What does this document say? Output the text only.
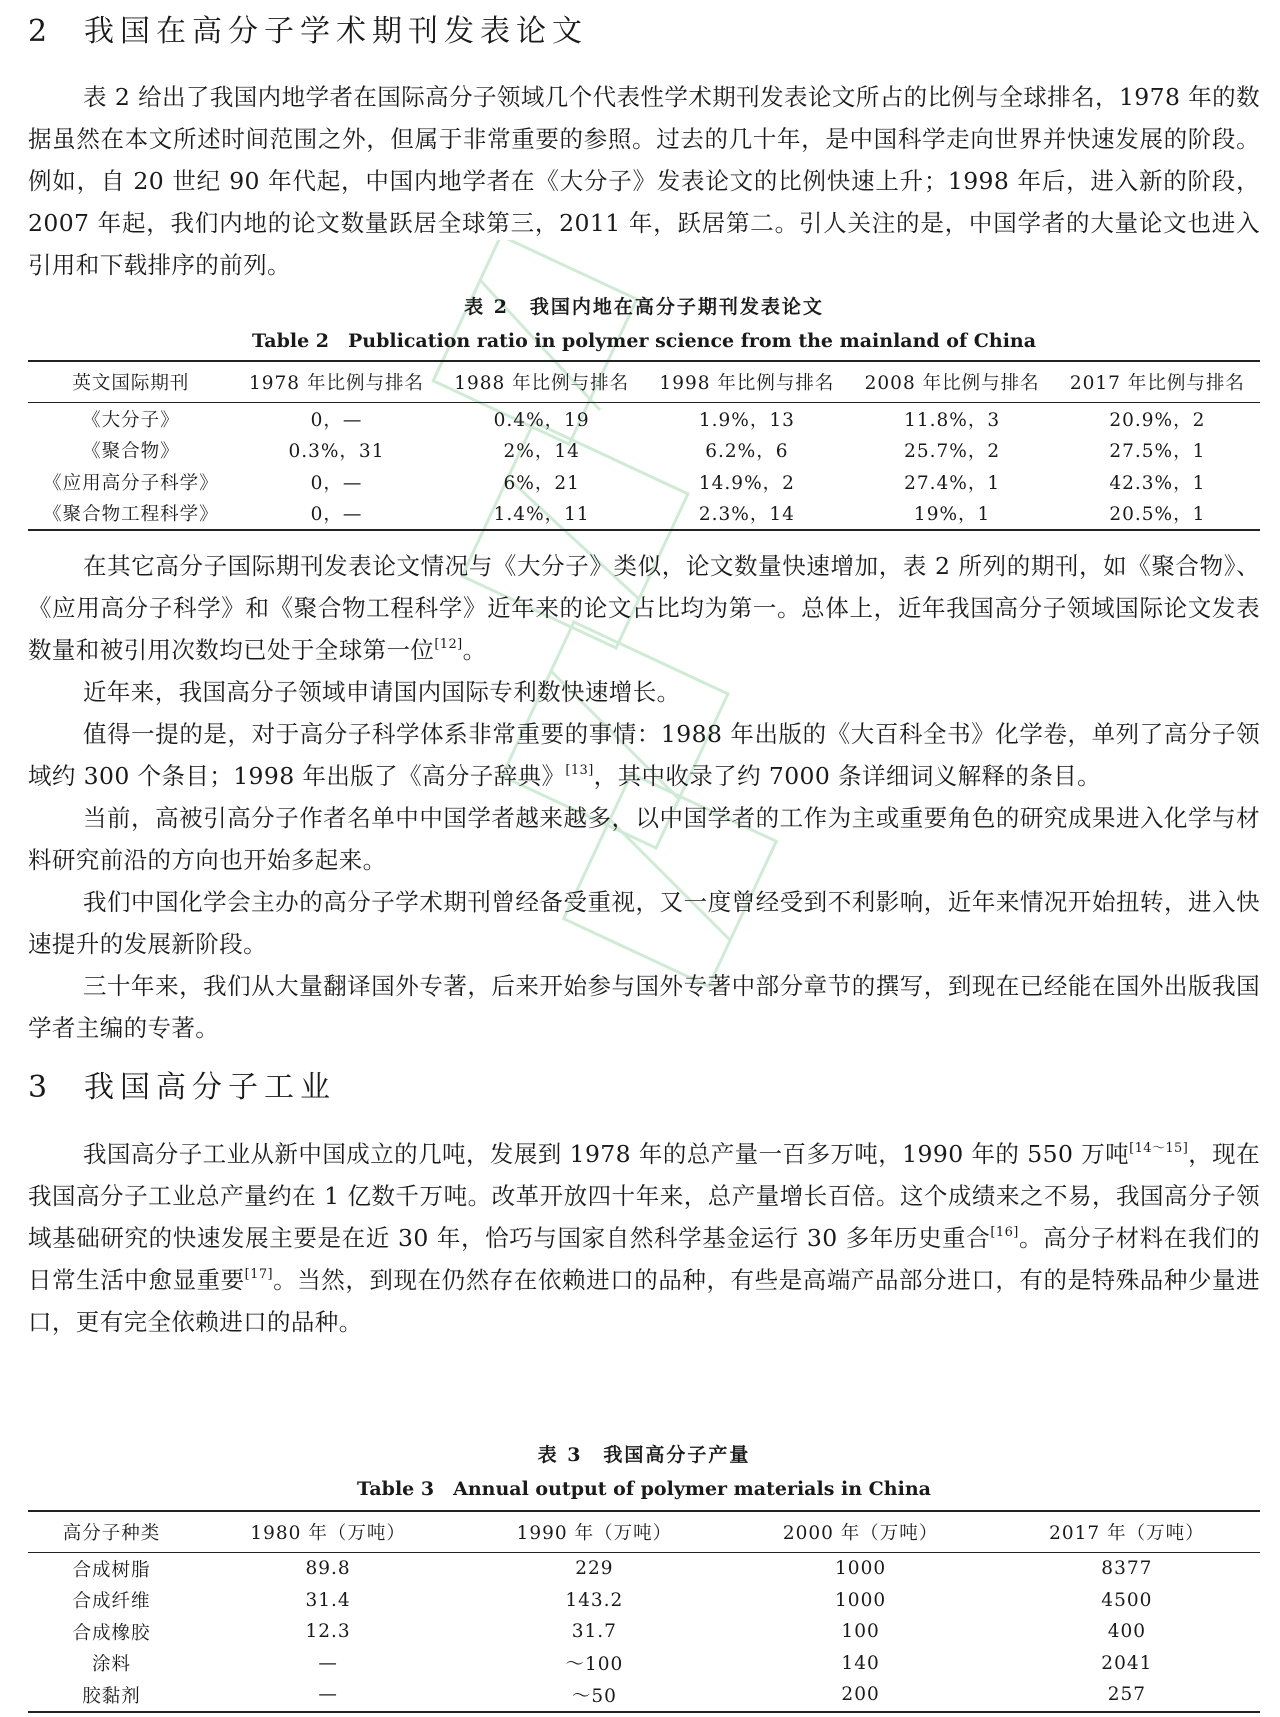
2 我国在高分子学术期刊发表论文

表 2 给出了我国内地学者在国际高分子领域几个代表性学术期刊发表论文所占的比例与全球排名，1978 年的数据虽然在本文所述时间范围之外，但属于非常重要的参照。过去的几十年，是中国科学走向世界并快速发展的阶段。例如，自 20 世纪 90 年代起，中国内地学者在《大分子》发表论文的比例快速上升；1998 年后，进入新的阶段，2007 年起，我们内地的论文数量跃居全球第三，2011 年，跃居第二。引人关注的是，中国学者的大量论文也进入引用和下载排序的前列。

表 2　我国内地在高分子期刊发表论文

Table 2　Publication ratio in polymer science from the mainland of China

英文国际期刊	1978 年比例与排名	1988 年比例与排名	1998 年比例与排名	2008 年比例与排名	2017 年比例与排名
《大分子》	0，—	0.4%，19	1.9%，13	11.8%，3	20.9%，2
《聚合物》	0.3%，31	2%，14	6.2%，6	25.7%，2	27.5%，1
《应用高分子科学》	0，—	6%，21	14.9%，2	27.4%，1	42.3%，1
《聚合物工程科学》	0，—	1.4%，11	2.3%，14	19%，1	20.5%，1

在其它高分子国际期刊发表论文情况与《大分子》类似，论文数量快速增加，表 2 所列的期刊，如《聚合物》、《应用高分子科学》和《聚合物工程科学》近年来的论文占比均为第一。总体上，近年我国高分子领域国际论文发表数量和被引用次数均已处于全球第一位[12]。

近年来，我国高分子领域申请国内国际专利数快速增长。

值得一提的是，对于高分子科学体系非常重要的事情：1988 年出版的《大百科全书》化学卷，单列了高分子领域约 300 个条目；1998 年出版了《高分子辞典》[13]，其中收录了约 7000 条详细词义解释的条目。

当前，高被引高分子作者名单中中国学者越来越多，以中国学者的工作为主或重要角色的研究成果进入化学与材料研究前沿的方向也开始多起来。

我们中国化学会主办的高分子学术期刊曾经备受重视，又一度曾经受到不利影响，近年来情况开始扭转，进入快速提升的发展新阶段。

三十年来，我们从大量翻译国外专著，后来开始参与国外专著中部分章节的撰写，到现在已经能在国外出版我国学者主编的专著。

3 我国高分子工业

我国高分子工业从新中国成立的几吨，发展到 1978 年的总产量一百多万吨，1990 年的 550 万吨[14～15]，现在我国高分子工业总产量约在 1 亿数千万吨。改革开放四十年来，总产量增长百倍。这个成绩来之不易，我国高分子领域基础研究的快速发展主要是在近 30 年，恰巧与国家自然科学基金运行 30 多年历史重合[16]。高分子材料在我们的日常生活中愈显重要[17]。当然，到现在仍然存在依赖进口的品种，有些是高端产品部分进口，有的是特殊品种少量进口，更有完全依赖进口的品种。

表 3　我国高分子产量

Table 3　Annual output of polymer materials in China

高分子种类	1980 年（万吨）	1990 年（万吨）	2000 年（万吨）	2017 年（万吨）
合成树脂	89.8	229	1000	8377
合成纤维	31.4	143.2	1000	4500
合成橡胶	12.3	31.7	100	400
涂料	—	～100	140	2041
胶黏剂	—	～50	200	257
